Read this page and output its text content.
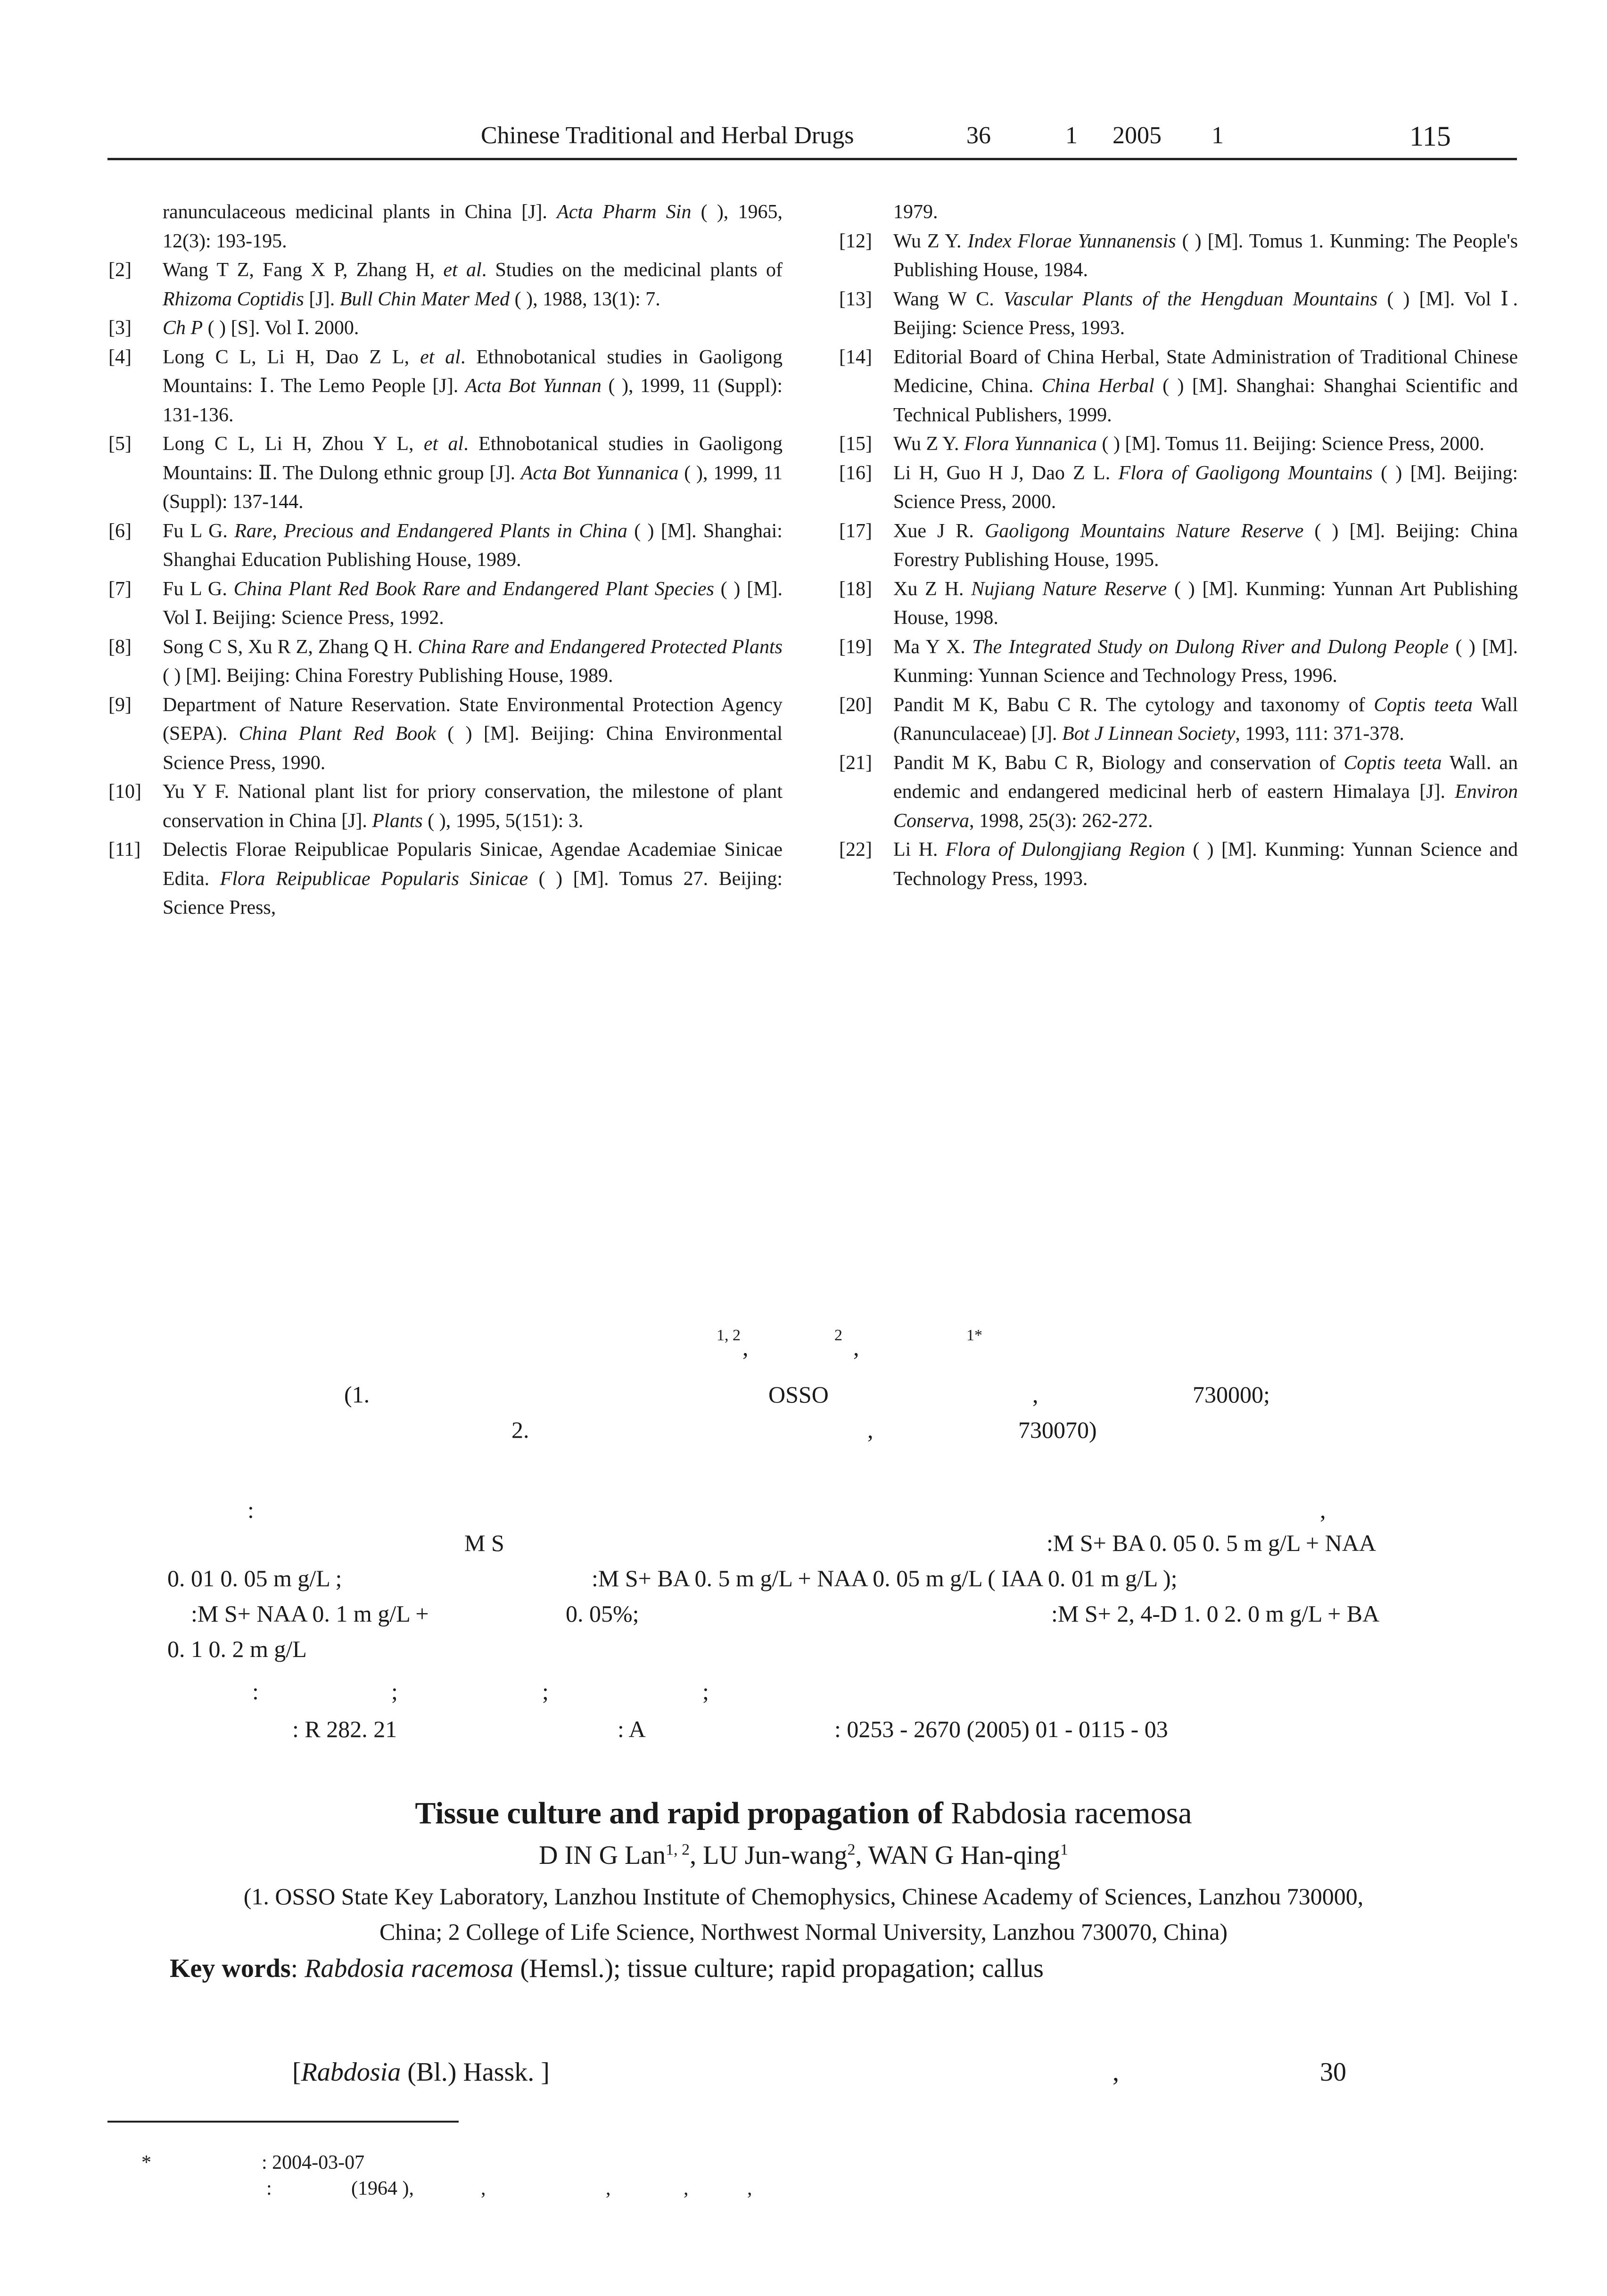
Chinese Traditional and Herbal Drugs	36	1 2005 1	115
ranunculaceous medicinal plants in China [J]. Acta Pharm Sin ( ), 1965, 12(3): 193-195.
[2]	Wang T Z, Fang X P, Zhang H, et al. Studies on the medicinal plants of Rhizoma Coptidis [J]. Bull Chin Mater Med ( ), 1988, 13(1): 7.
[3]	Ch P ( ) [S]. Vol Ⅰ. 2000.
[4]	Long C L, Li H, Dao Z L, et al. Ethnobotanical studies in Gaoligong Mountains: Ⅰ. The Lemo People [J]. Acta Bot Yunnan ( ), 1999, 11 (Suppl): 131-136.
[5]	Long C L, Li H, Zhou Y L, et al. Ethnobotanical studies in Gaoligong Mountains: Ⅱ. The Dulong ethnic group [J]. Acta Bot Yunnanica ( ), 1999, 11 (Suppl): 137-144.
[6]	Fu L G. Rare, Precious and Endangered Plants in China ( ) [M]. Shanghai: Shanghai Education Publishing House, 1989.
[7]	Fu L G. China Plant Red Book Rare and Endangered Plant Species ( ) [M]. Vol Ⅰ. Beijing: Science Press, 1992.
[8]	Song C S, Xu R Z, Zhang Q H. China Rare and Endangered Protected Plants ( ) [M]. Beijing: China Forestry Publishing House, 1989.
[9]	Department of Nature Reservation. State Environmental Protection Agency (SEPA). China Plant Red Book ( ) [M]. Beijing: China Environmental Science Press, 1990.
[10]	Yu Y F. National plant list for priory conservation, the milestone of plant conservation in China [J]. Plants ( ), 1995, 5(151): 3.
[11]	Delectis Florae Reipublicae Popularis Sinicae, Agendae Academiae Sinicae Edita. Flora Reipublicae Popularis Sinicae ( ) [M]. Tomus 27. Beijing: Science Press,
1979.
[12]	Wu Z Y. Index Florae Yunnanensis ( ) [M]. Tomus 1. Kunming: The People's Publishing House, 1984.
[13]	Wang W C. Vascular Plants of the Hengduan Mountains ( ) [M]. Vol Ⅰ. Beijing: Science Press, 1993.
[14]	Editorial Board of China Herbal, State Administration of Traditional Chinese Medicine, China. China Herbal ( ) [M]. Shanghai: Shanghai Scientific and Technical Publishers, 1999.
[15]	Wu Z Y. Flora Yunnanica ( ) [M]. Tomus 11. Beijing: Science Press, 2000.
[16]	Li H, Guo H J, Dao Z L. Flora of Gaoligong Mountains ( ) [M]. Beijing: Science Press, 2000.
[17]	Xue J R. Gaoligong Mountains Nature Reserve ( ) [M]. Beijing: China Forestry Publishing House, 1995.
[18]	Xu Z H. Nujiang Nature Reserve ( ) [M]. Kunming: Yunnan Art Publishing House, 1998.
[19]	Ma Y X. The Integrated Study on Dulong River and Dulong People ( ) [M]. Kunming: Yunnan Science and Technology Press, 1996.
[20]	Pandit M K, Babu C R. The cytology and taxonomy of Coptis teeta Wall (Ranunculaceae) [J]. Bot J Linnean Society, 1993, 111: 371-378.
[21]	Pandit M K, Babu C R, Biology and conservation of Coptis teeta Wall. an endemic and endangered medicinal herb of eastern Himalaya [J]. Environ Conserva, 1998, 25(3): 262-272.
[22]	Li H. Flora of Dulongjiang Region ( ) [M]. Kunming: Yunnan Science and Technology Press, 1993.
1, 2 ,	2 ,	1*
(1.	OSSO	,	730000;
2.	,	730070)
:	,
M S	:M S+ BA 0. 05 0. 5 m g/L + NAA
0. 01 0. 05 m g/L ;	:M S+ BA 0. 5 m g/L + NAA 0. 05 m g/L ( IAA 0. 01 m g/L );
:M S+ NAA 0. 1 m g/L +	0. 05%;	:M S+ 2, 4-D 1. 0 2. 0 m g/L + BA
0. 1 0. 2 m g/L
:	;	;	;
: R 282. 21	: A	: 0253 - 2670 (2005) 01 - 0115 - 03
Tissue culture and rapid propagation of Rabdosia racemosa
D IN G Lan$^{1, 2}$, LU Jun-wang$^2$, WAN G Han-qing$^1$
(1. OSSO State Key Laboratory, Lanzhou Institute of Chemophysics, Chinese Academy of Sciences, Lanzhou 730000,
China; 2 College of Life Science, Northwest Normal University, Lanzhou 730070, China)
Key words: Rabdosia racemosa (Hemsl.); tissue culture; rapid propagation; callus
[Rabdosia (Bl.) Hassk. ]	,	30
*	: 2004-03-07
:	(1964 ),	,	,	,	,
